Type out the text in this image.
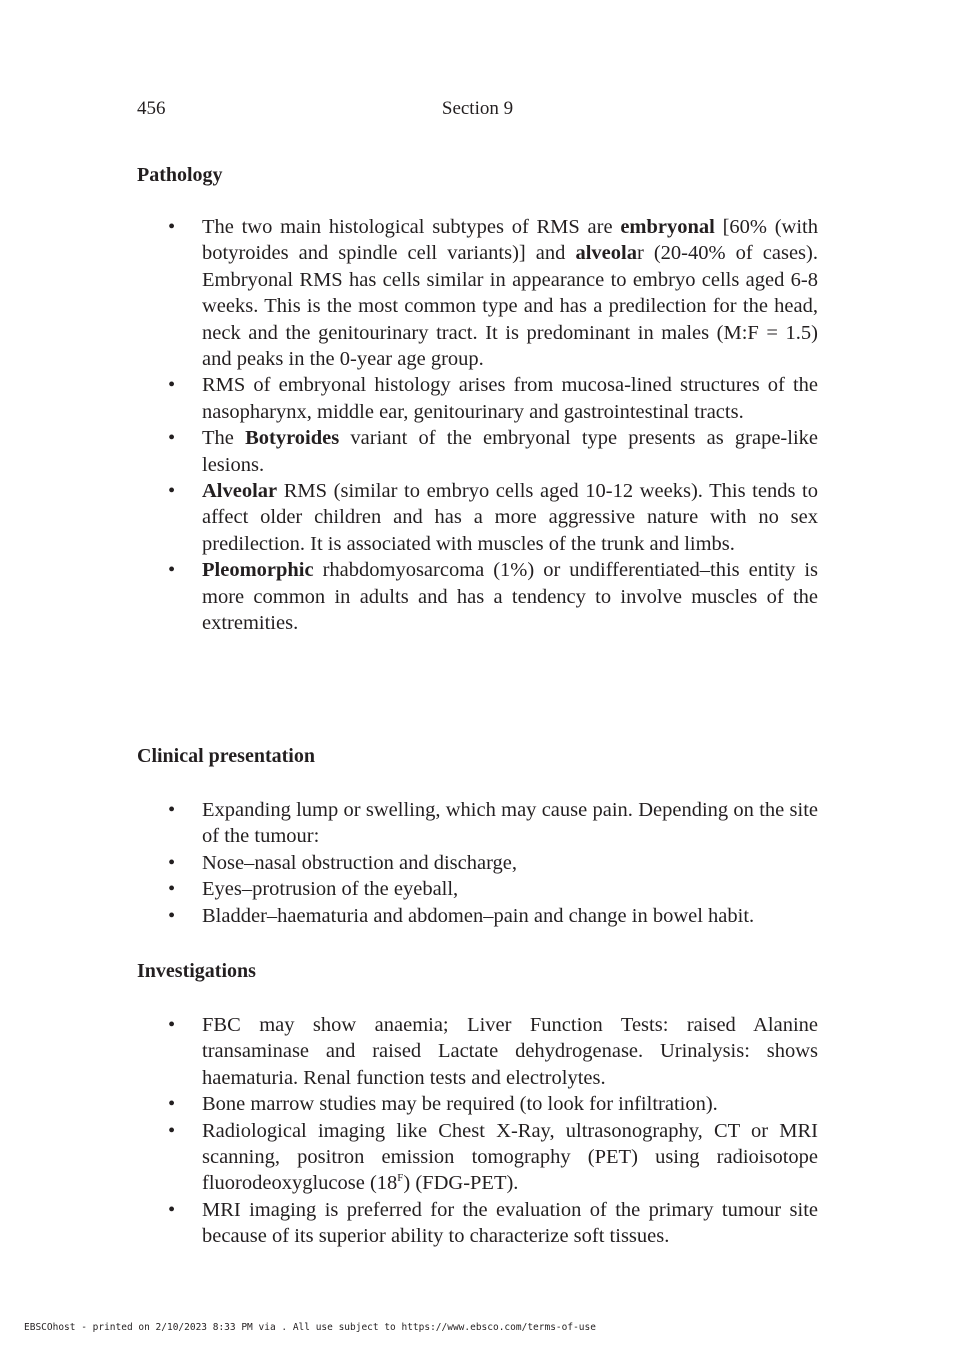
456	Section 9
Pathology
• The two main histological subtypes of RMS are embryonal [60% (with botyroides and spindle cell variants)] and alveolar (20-40% of cases). Embryonal RMS has cells similar in appearance to embryo cells aged 6-8 weeks. This is the most common type and has a predilection for the head, neck and the genitourinary tract. It is predominant in males (M:F = 1.5) and peaks in the 0-year age group.
• RMS of embryonal histology arises from mucosa-lined structures of the nasopharynx, middle ear, genitourinary and gastrointestinal tracts.
• The Botyroides variant of the embryonal type presents as grape-like lesions.
• Alveolar RMS (similar to embryo cells aged 10-12 weeks). This tends to affect older children and has a more aggressive nature with no sex predilection. It is associated with muscles of the trunk and limbs.
• Pleomorphic rhabdomyosarcoma (1%) or undifferentiated–this entity is more common in adults and has a tendency to involve muscles of the extremities.
Clinical presentation
• Expanding lump or swelling, which may cause pain. Depending on the site of the tumour:
• Nose–nasal obstruction and discharge,
• Eyes–protrusion of the eyeball,
• Bladder–haematuria and abdomen–pain and change in bowel habit.
Investigations
• FBC may show anaemia; Liver Function Tests: raised Alanine transaminase and raised Lactate dehydrogenase. Urinalysis: shows haematuria. Renal function tests and electrolytes.
• Bone marrow studies may be required (to look for infiltration).
• Radiological imaging like Chest X-Ray, ultrasonography, CT or MRI scanning, positron emission tomography (PET) using radioisotope fluorodeoxyglucose $(18^F)$ (FDG-PET).
• MRI imaging is preferred for the evaluation of the primary tumour site because of its superior ability to characterize soft tissues.
EBSCOhost - printed on 2/10/2023 8:33 PM via . All use subject to https://www.ebsco.com/terms-of-use
